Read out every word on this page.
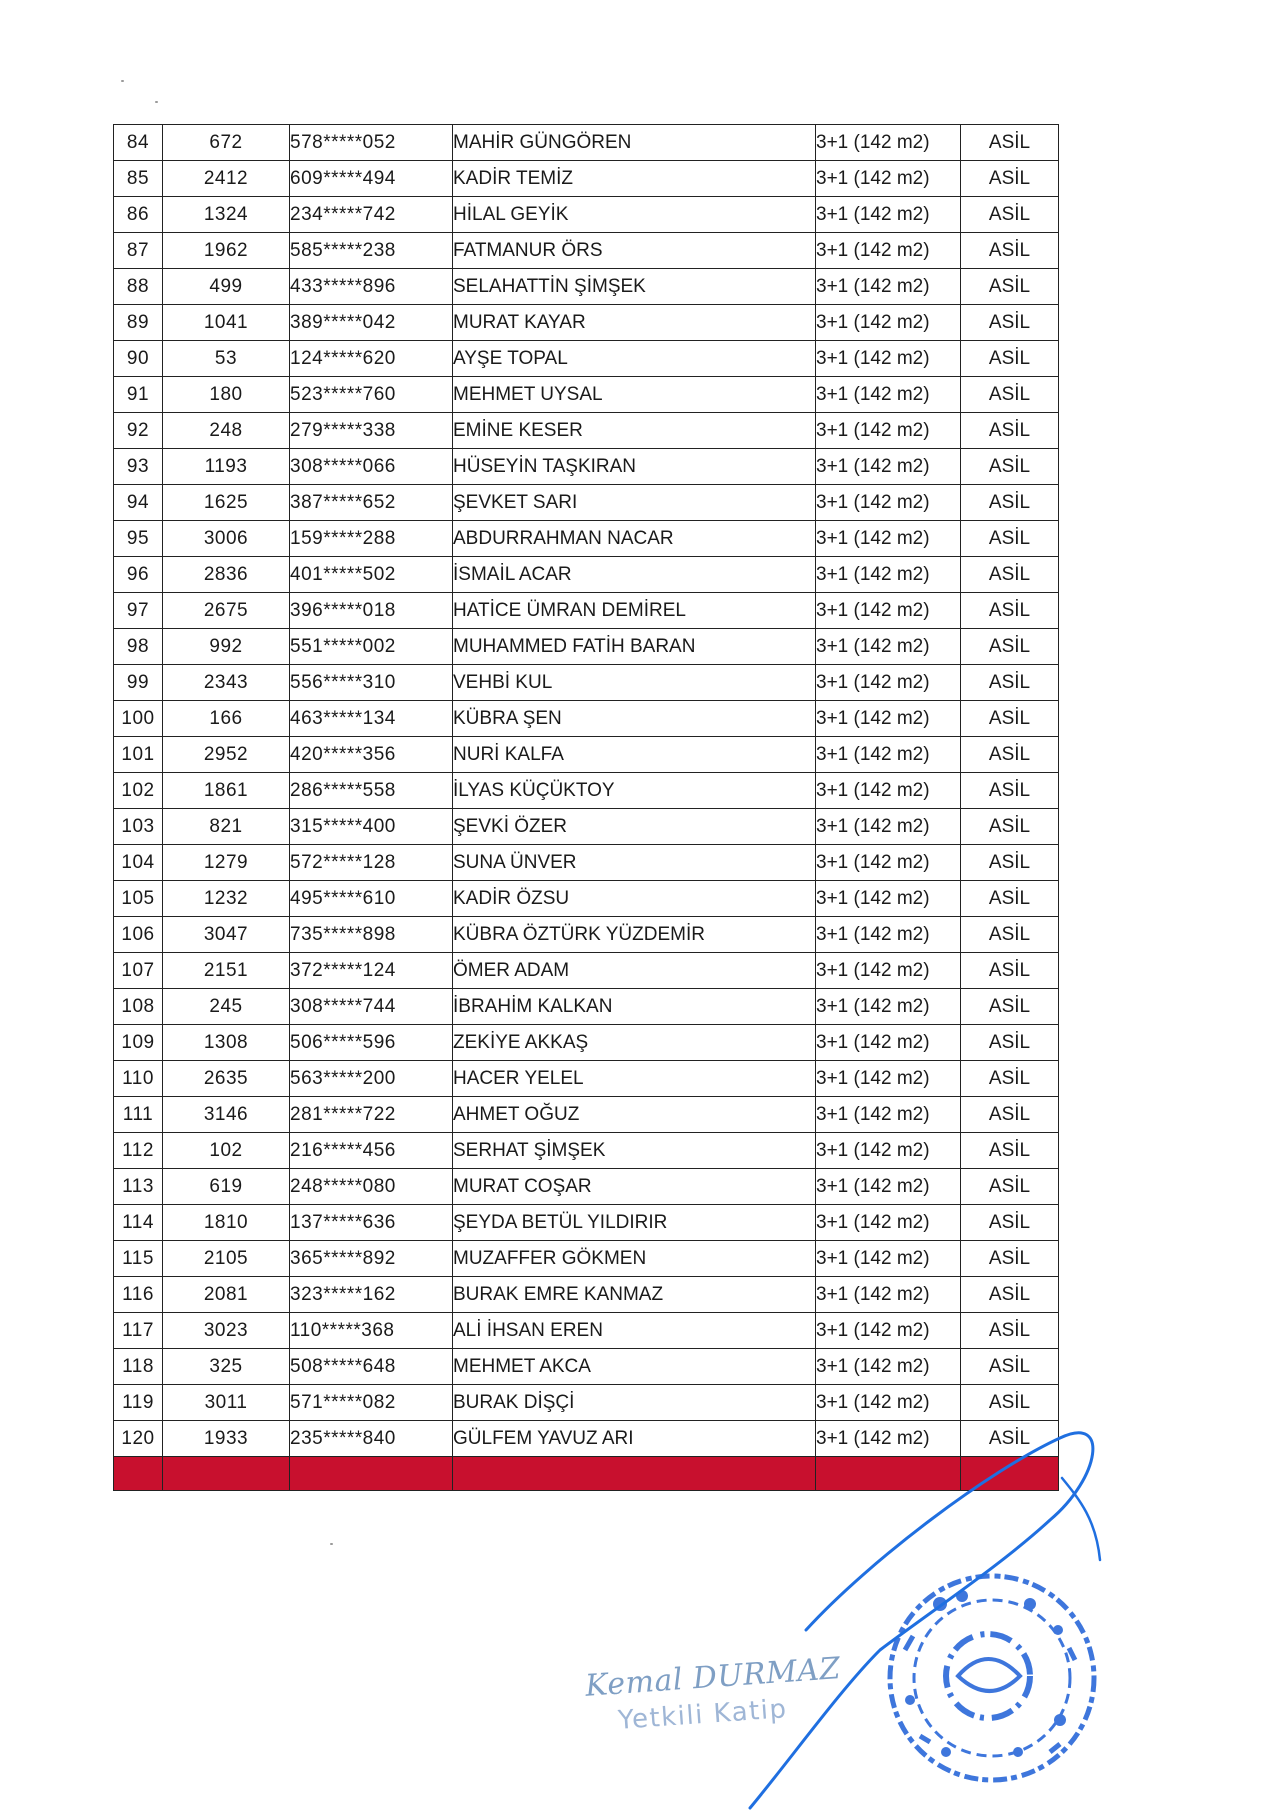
84	672	578*****052	MAHİR GÜNGÖREN	3+1 (142 m2)	ASİL
85	2412	609*****494	KADİR TEMİZ	3+1 (142 m2)	ASİL
86	1324	234*****742	HİLAL GEYİK	3+1 (142 m2)	ASİL
87	1962	585*****238	FATMANUR ÖRS	3+1 (142 m2)	ASİL
88	499	433*****896	SELAHATTİN ŞİMŞEK	3+1 (142 m2)	ASİL
89	1041	389*****042	MURAT KAYAR	3+1 (142 m2)	ASİL
90	53	124*****620	AYŞE TOPAL	3+1 (142 m2)	ASİL
91	180	523*****760	MEHMET UYSAL	3+1 (142 m2)	ASİL
92	248	279*****338	EMİNE KESER	3+1 (142 m2)	ASİL
93	1193	308*****066	HÜSEYİN TAŞKIRAN	3+1 (142 m2)	ASİL
94	1625	387*****652	ŞEVKET SARI	3+1 (142 m2)	ASİL
95	3006	159*****288	ABDURRAHMAN NACAR	3+1 (142 m2)	ASİL
96	2836	401*****502	İSMAİL ACAR	3+1 (142 m2)	ASİL
97	2675	396*****018	HATİCE ÜMRAN DEMİREL	3+1 (142 m2)	ASİL
98	992	551*****002	MUHAMMED FATİH BARAN	3+1 (142 m2)	ASİL
99	2343	556*****310	VEHBİ KUL	3+1 (142 m2)	ASİL
100	166	463*****134	KÜBRA ŞEN	3+1 (142 m2)	ASİL
101	2952	420*****356	NURİ KALFA	3+1 (142 m2)	ASİL
102	1861	286*****558	İLYAS KÜÇÜKTOY	3+1 (142 m2)	ASİL
103	821	315*****400	ŞEVKİ ÖZER	3+1 (142 m2)	ASİL
104	1279	572*****128	SUNA ÜNVER	3+1 (142 m2)	ASİL
105	1232	495*****610	KADİR ÖZSU	3+1 (142 m2)	ASİL
106	3047	735*****898	KÜBRA ÖZTÜRK YÜZDEMİR	3+1 (142 m2)	ASİL
107	2151	372*****124	ÖMER ADAM	3+1 (142 m2)	ASİL
108	245	308*****744	İBRAHİM KALKAN	3+1 (142 m2)	ASİL
109	1308	506*****596	ZEKİYE AKKAŞ	3+1 (142 m2)	ASİL
110	2635	563*****200	HACER YELEL	3+1 (142 m2)	ASİL
111	3146	281*****722	AHMET OĞUZ	3+1 (142 m2)	ASİL
112	102	216*****456	SERHAT ŞİMŞEK	3+1 (142 m2)	ASİL
113	619	248*****080	MURAT COŞAR	3+1 (142 m2)	ASİL
114	1810	137*****636	ŞEYDA BETÜL YILDIRIR	3+1 (142 m2)	ASİL
115	2105	365*****892	MUZAFFER GÖKMEN	3+1 (142 m2)	ASİL
116	2081	323*****162	BURAK EMRE KANMAZ	3+1 (142 m2)	ASİL
117	3023	110*****368	ALİ İHSAN EREN	3+1 (142 m2)	ASİL
118	325	508*****648	MEHMET AKCA	3+1 (142 m2)	ASİL
119	3011	571*****082	BURAK DİŞÇİ	3+1 (142 m2)	ASİL
120	1933	235*****840	GÜLFEM YAVUZ ARI	3+1 (142 m2)	ASİL

Kemal DURMAZ
Yetkili Katip
